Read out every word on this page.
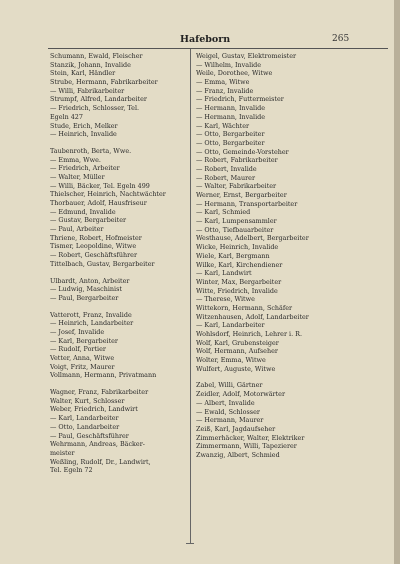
Hafeborn	265
Schumann, Ewald, Fleischer
Stanzik, Johann, Invalide
Stein, Karl, Händler
Strube, Hermann, Fabrikarbeiter
— Willi, Fabrikarbeiter
Strumpf, Alfred, Landarbeiter
— Friedrich, Schlosser, Tel.
Egeln 427
Stude, Erich, Melker
— Heinrich, Invalide
Taubenroth, Berta, Wwe.
— Emma, Wwe.
— Friedrich, Arbeiter
— Walter, Müller
— Willi, Bäcker, Tel. Egeln 499
Thielscher, Heinrich, Nachtwächter
Thorbauer, Adolf, Hausfriseur
— Edmund, Invalide
— Gustav, Bergarbeiter
— Paul, Arbeiter
Thriene, Robert, Hofmeister
Tismer, Leopoldine, Witwe
— Robert, Geschäftsführer
Tittelbach, Gustav, Bergarbeiter
Ulbardt, Anton, Arbeiter
— Ludwig, Maschinist
— Paul, Bergarbeiter
Vatterott, Franz, Invalide
— Heinrich, Landarbeiter
— Josef, Invalide
— Karl, Bergarbeiter
— Rudolf, Portier
Vetter, Anna, Witwe
Voigt, Fritz, Maurer
Vollmann, Hermann, Privatmann
Wagner, Franz, Fabrikarbeiter
Walter, Kurt, Schlosser
Weber, Friedrich, Landwirt
— Karl, Landarbeiter
— Otto, Landarbeiter
— Paul, Geschäftsführer
Wehrmann, Andreas, Bäcker-
meister
Weßling, Rudolf, Dr., Landwirt,
Tel. Egeln 72
Weigel, Gustav, Elektromeister
— Wilhelm, Invalide
Weile, Dorothee, Witwe
— Emma, Witwe
— Franz, Invalide
— Friedrich, Futtermeister
— Hermann, Invalide
— Hermann, Invalide
— Karl, Wächter
— Otto, Bergarbeiter
— Otto, Bergarbeiter
— Otto, Gemeinde-Vorsteher
— Robert, Fabrikarbeiter
— Robert, Invalide
— Robert, Maurer
— Walter, Fabrikarbeiter
Werner, Ernst, Bergarbeiter
— Hermann, Transportarbeiter
— Karl, Schmied
— Karl, Lumpensammler
— Otto, Tiefbauarbeiter
Westhause, Adelbert, Bergarbeiter
Wicke, Heinrich, Invalide
Wiele, Karl, Bergmann
Wilke, Karl, Kirchendiener
— Karl, Landwirt
Winter, Max, Bergarbeiter
Witte, Friedrich, Invalide
— Therese, Witwe
Wittekorn, Hermann, Schäfer
Witzenhausen, Adolf, Landarbeiter
— Karl, Landarbeiter
Wohlsdorf, Heinrich, Lehrer i. R.
Wolf, Karl, Grubensteiger
Wolf, Hermann, Aufseher
Wolter, Emma, Witwe
Wulfert, Auguste, Witwe
Zabel, Willi, Gärtner
Zeidler, Adolf, Motorwärter
— Albert, Invalide
— Ewald, Schlosser
— Hermann, Maurer
Zeiß, Karl, Jagdaufseher
Zimmerhäcker, Walter, Elektriker
Zimmermann, Willi, Tapezierer
Zwanzig, Albert, Schmied
